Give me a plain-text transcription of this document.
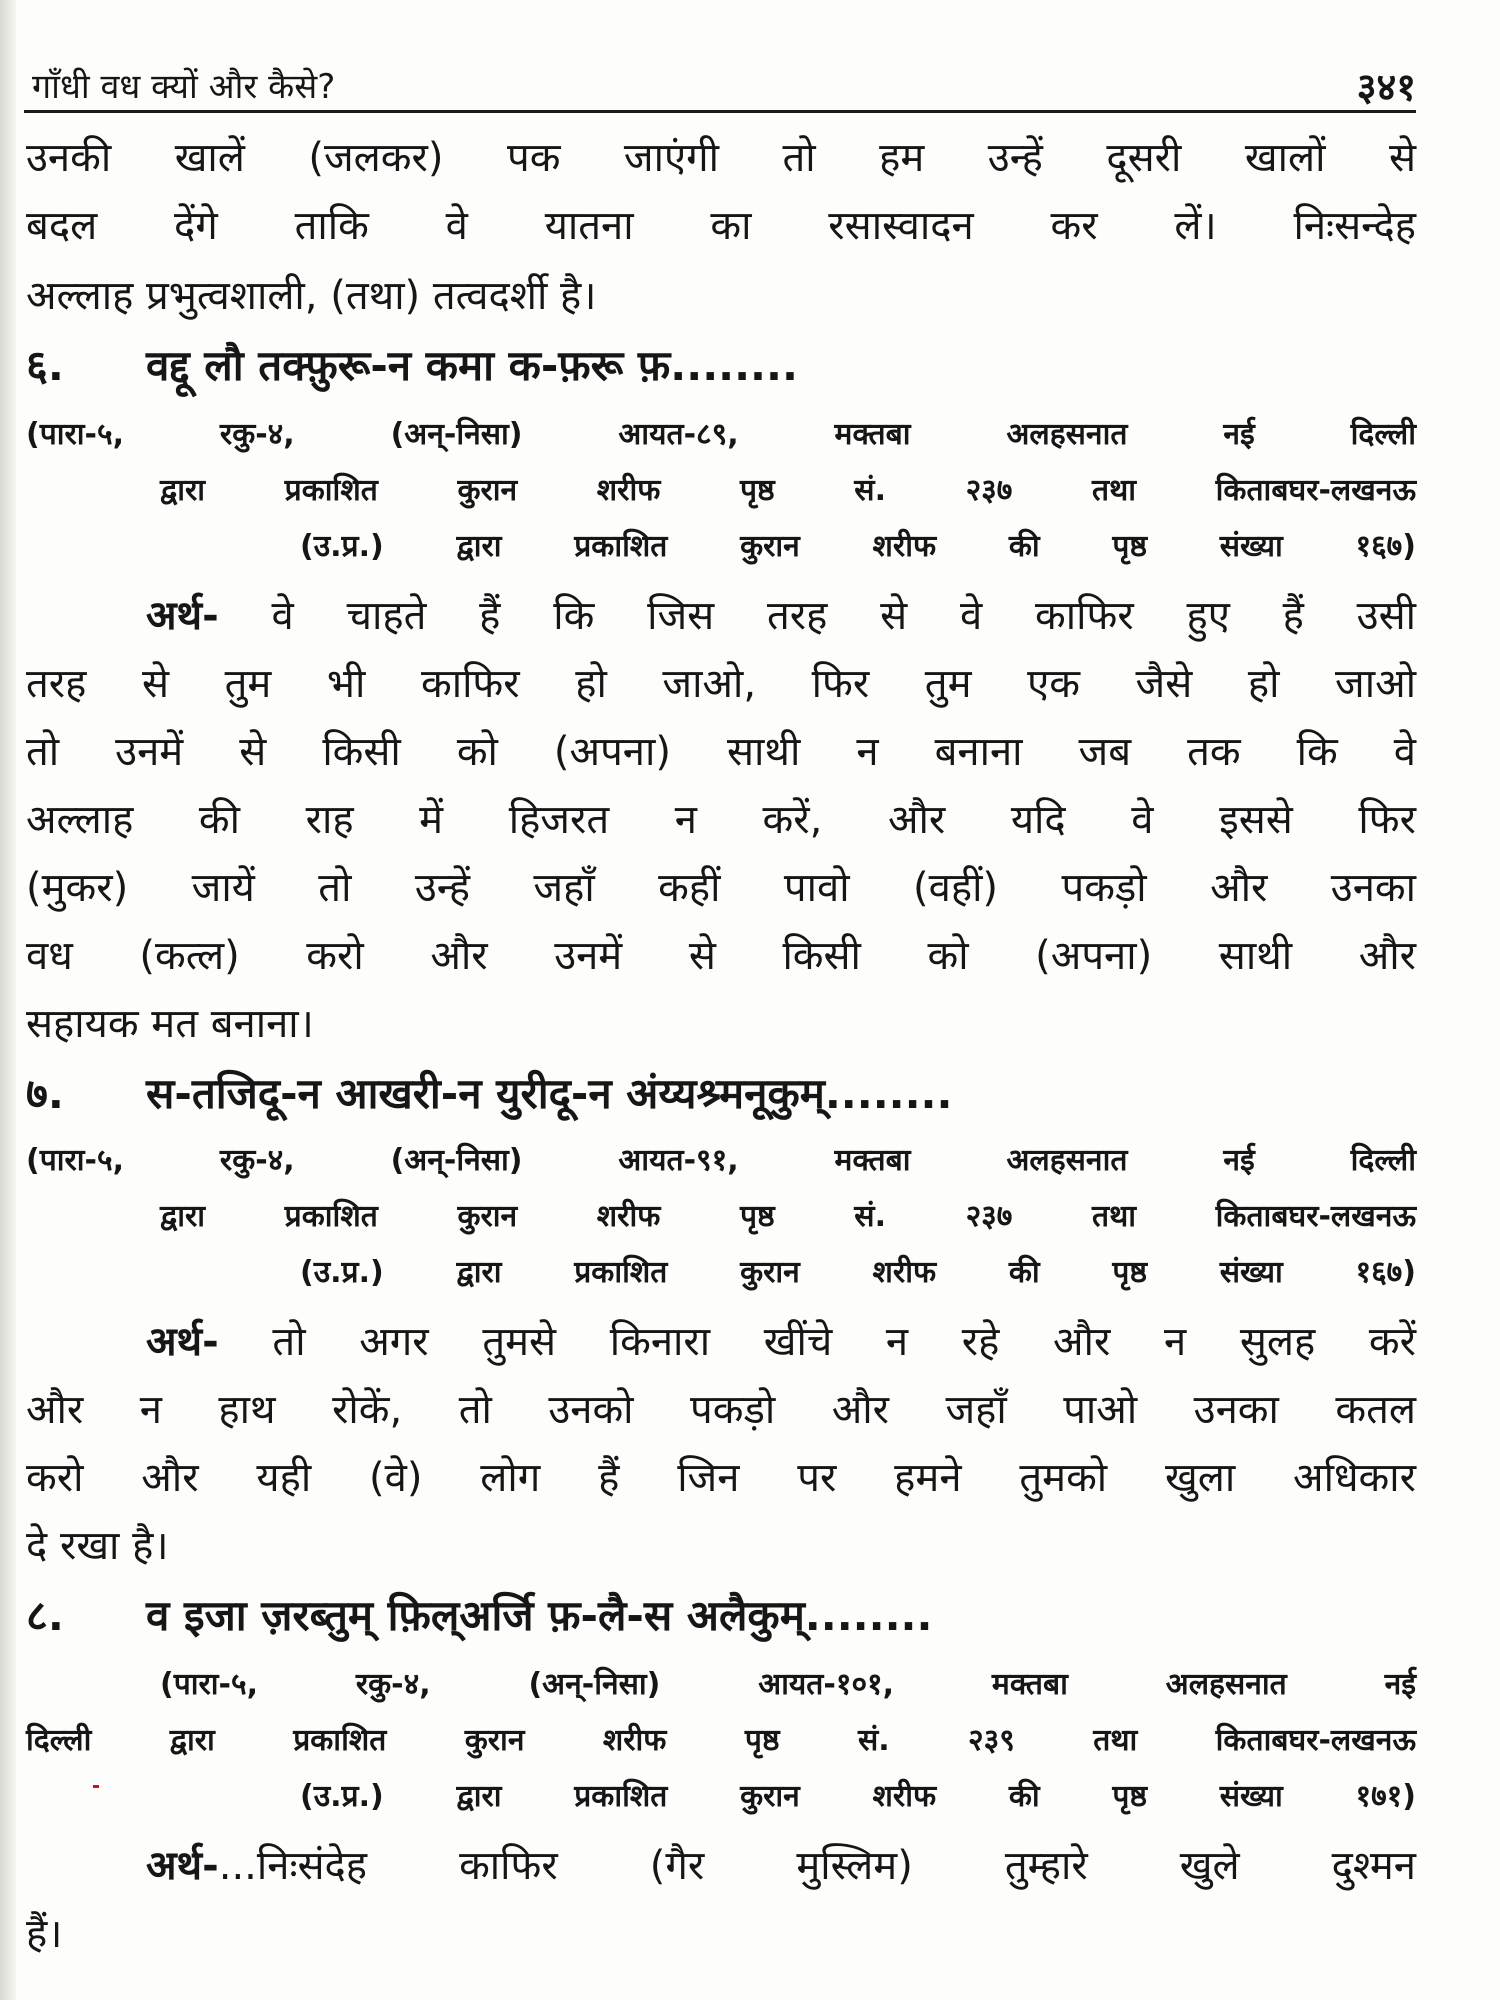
गाँधी वध क्यों और कैसे?	३४१
उनकी खालें (जलकर) पक जाएंगी तो हम उन्हें दूसरी खालों से
बदल देंगे ताकि वे यातना का रसास्वादन कर लें। निःसन्देह
अल्लाह प्रभुत्वशाली, (तथा) तत्वदर्शी है।
६. वद्दू लौ तक्फ़ुरू-न कमा क-फ़रू फ़........
(पारा-५, रकु-४, (अन्-निसा) आयत-८९, मक्तबा अलहसनात नई दिल्ली
द्वारा प्रकाशित कुरान शरीफ पृष्ठ सं. २३७ तथा किताबघर-लखनऊ
(उ.प्र.) द्वारा प्रकाशित कुरान शरीफ की पृष्ठ संख्या १६७)
अर्थ- वे चाहते हैं कि जिस तरह से वे काफिर हुए हैं उसी
तरह से तुम भी काफिर हो जाओ, फिर तुम एक जैसे हो जाओ
तो उनमें से किसी को (अपना) साथी न बनाना जब तक कि वे
अल्लाह की राह में हिजरत न करें, और यदि वे इससे फिर
(मुकर) जायें तो उन्हें जहाँ कहीं पावो (वहीं) पकड़ो और उनका
वध (कत्ल) करो और उनमें से किसी को (अपना) साथी और
सहायक मत बनाना।
७. स-तजिदू-न आखरी-न युरीदू-न अंय्यश्र्मनूकुम्........
(पारा-५, रकु-४, (अन्-निसा) आयत-९१, मक्तबा अलहसनात नई दिल्ली
द्वारा प्रकाशित कुरान शरीफ पृष्ठ सं. २३७ तथा किताबघर-लखनऊ
(उ.प्र.) द्वारा प्रकाशित कुरान शरीफ की पृष्ठ संख्या १६७)
अर्थ- तो अगर तुमसे किनारा खींचे न रहे और न सुलह करें
और न हाथ रोकें, तो उनको पकड़ो और जहाँ पाओ उनका कतल
करो और यही (वे) लोग हैं जिन पर हमने तुमको खुला अधिकार
दे रखा है।
८. व इजा ज़रब्तुम् फ़िल्अर्जि फ़-लै-स अलैकुम्........
(पारा-५, रकु-४, (अन्-निसा) आयत-१०१, मक्तबा अलहसनात नई
दिल्ली द्वारा प्रकाशित कुरान शरीफ पृष्ठ सं. २३९ तथा किताबघर-लखनऊ
(उ.प्र.) द्वारा प्रकाशित कुरान शरीफ की पृष्ठ संख्या १७१)
अर्थ-...निःसंदेह काफिर (गैर मुस्लिम) तुम्हारे खुले दुश्मन
हैं।
